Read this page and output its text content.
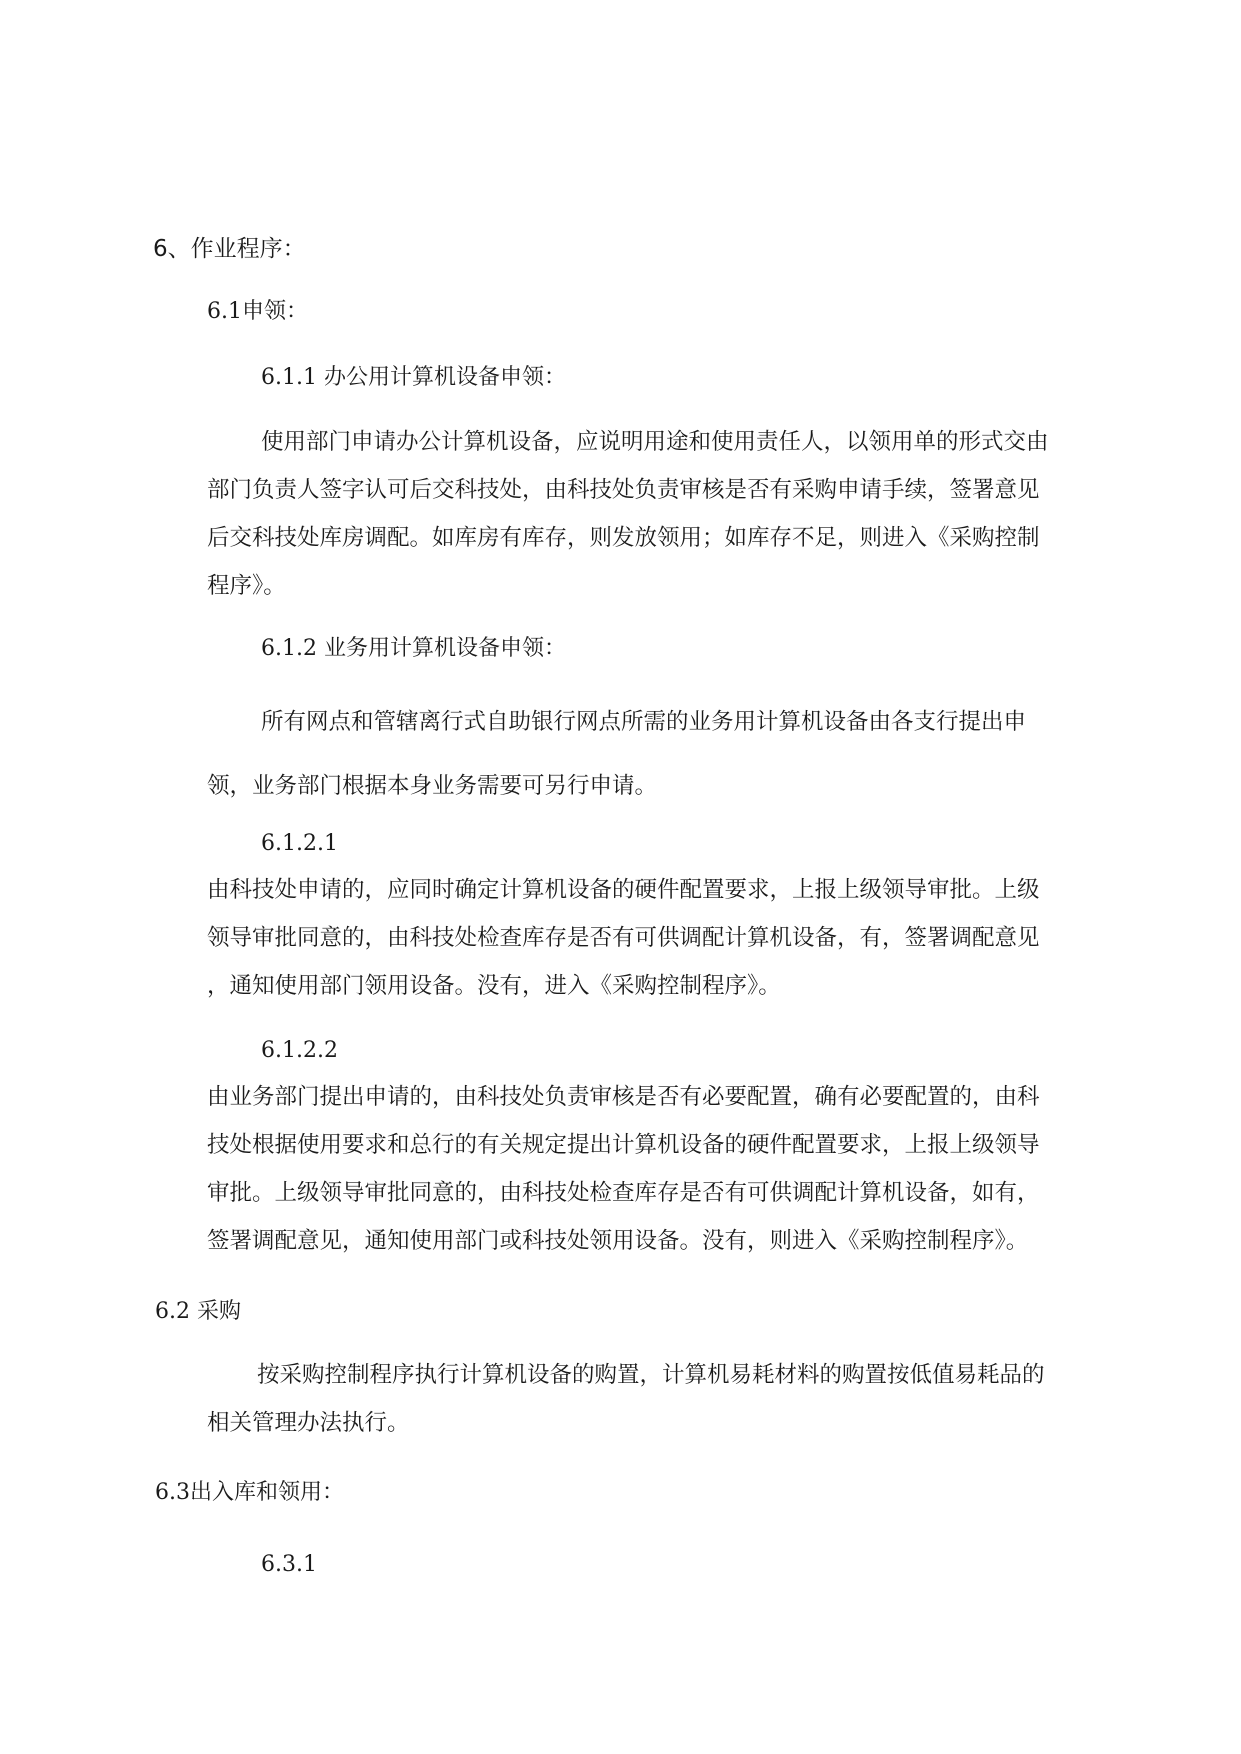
6、作业程序：
6.1申领：
6.1.1 办公用计算机设备申领：
使用部门申请办公计算机设备，应说明用途和使用责任人，以领用单的形式交由
部门负责人签字认可后交科技处，由科技处负责审核是否有采购申请手续，签署意见
后交科技处库房调配。如库房有库存，则发放领用；如库存不足，则进入《采购控制
程序》。
6.1.2 业务用计算机设备申领：
所有网点和管辖离行式自助银行网点所需的业务用计算机设备由各支行提出申
领，业务部门根据本身业务需要可另行申请。
6.1.2.1
由科技处申请的，应同时确定计算机设备的硬件配置要求，上报上级领导审批。上级
领导审批同意的，由科技处检查库存是否有可供调配计算机设备，有，签署调配意见
，通知使用部门领用设备。没有，进入《采购控制程序》。
6.1.2.2
由业务部门提出申请的，由科技处负责审核是否有必要配置，确有必要配置的，由科
技处根据使用要求和总行的有关规定提出计算机设备的硬件配置要求，上报上级领导
审批。上级领导审批同意的，由科技处检查库存是否有可供调配计算机设备，如有，
签署调配意见，通知使用部门或科技处领用设备。没有，则进入《采购控制程序》。
6.2 采购
按采购控制程序执行计算机设备的购置，计算机易耗材料的购置按低值易耗品的
相关管理办法执行。
6.3出入库和领用：
6.3.1
